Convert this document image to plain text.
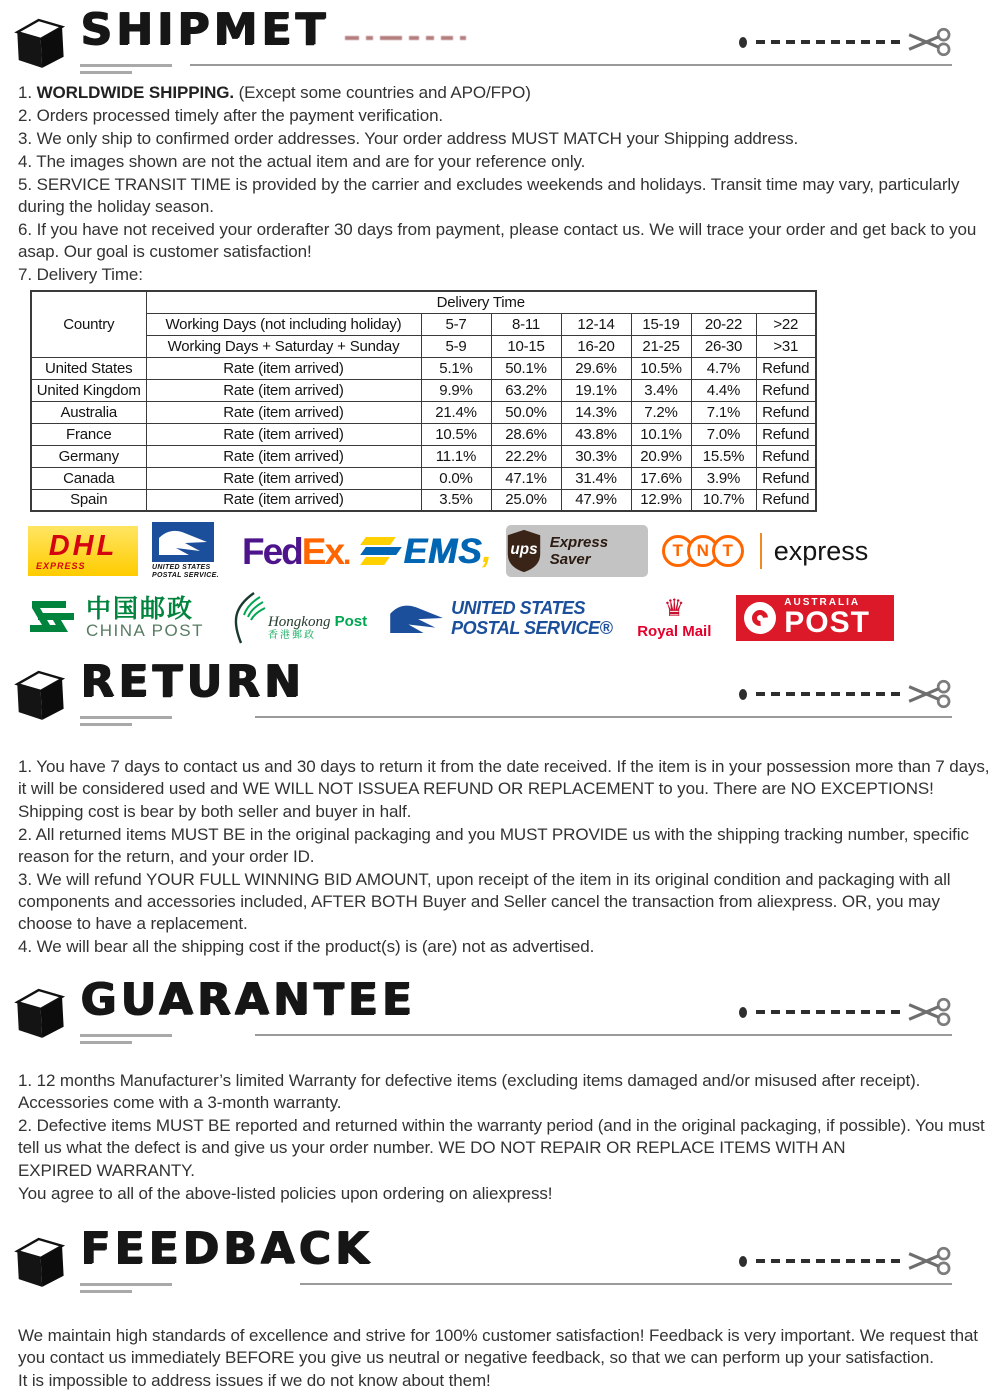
SHIPMET

1. WORLDWIDE SHIPPING. (Except some countries and APO/FPO)

2. Orders processed timely after the payment verification.

3. We only ship to confirmed order addresses. Your order address MUST MATCH your Shipping address.

4. The images shown are not the actual item and are for your reference only.

5. SERVICE TRANSIT TIME is provided by the carrier and excludes weekends and holidays. Transit time may vary, particularly during the holiday season.

6. If you have not received your orderafter 30 days from payment, please contact us. We will trace your order and get back to you asap. Our goal is customer satisfaction!

7. Delivery Time:

Country	Delivery Time						
	Working Days (not including holiday)	5-7	8-11	12-14	15-19	20-22	>22
	Working Days + Saturday + Sunday	5-9	10-15	16-20	21-25	26-30	>31
United States	Rate (item arrived)	5.1%	50.1%	29.6%	10.5%	4.7%	Refund
United Kingdom	Rate (item arrived)	9.9%	63.2%	19.1%	3.4%	4.4%	Refund
Australia	Rate (item arrived)	21.4%	50.0%	14.3%	7.2%	7.1%	Refund
France	Rate (item arrived)	10.5%	28.6%	43.8%	10.1%	7.0%	Refund
Germany	Rate (item arrived)	11.1%	22.2%	30.3%	20.9%	15.5%	Refund
Canada	Rate (item arrived)	0.0%	47.1%	31.4%	17.6%	3.9%	Refund
Spain	Rate (item arrived)	3.5%	25.0%	47.9%	12.9%	10.7%	Refund
DHL
EXPRESS	UNITED STATES POSTAL SERVICE.
FedEx. EMS , ups Express Saver	T N T	express
中国邮政
CHINA POST	Hongkong Post
香港郵政
UNITED STATES
POSTAL SERVICE®
♛
Royal Mail
AUSTRALIA
POST
RETURN

1. You have 7 days to contact us and 30 days to return it from the date received. If the item is in your possession more than 7 days, it will be considered used and WE WILL NOT ISSUEA REFUND OR REPLACEMENT to you. There are NO EXCEPTIONS!

Shipping cost is bear by both seller and buyer in half.

2. All returned items MUST BE in the original packaging and you MUST PROVIDE us with the shipping tracking number, specific reason for the return, and your order ID.

3. We will refund YOUR FULL WINNING BID AMOUNT, upon receipt of the item in its original condition and packaging with all components and accessories included, AFTER BOTH Buyer and Seller cancel the transaction from aliexpress. OR, you may choose to have a replacement.

4. We will bear all the shipping cost if the product(s) is (are) not as advertised.

GUARANTEE

1. 12 months Manufacturer’s limited Warranty for defective items (excluding items damaged and/or misused after receipt). Accessories come with a 3-month warranty.

2. Defective items MUST BE reported and returned within the warranty period (and in the original packaging, if possible). You must tell us what the defect is and give us your order number. WE DO NOT REPAIR OR REPLACE ITEMS WITH AN

EXPIRED WARRANTY.

You agree to all of the above-listed policies upon ordering on aliexpress!

FEEDBACK

We maintain high standards of excellence and strive for 100% customer satisfaction! Feedback is very important. We request that you contact us immediately BEFORE you give us neutral or negative feedback, so that we can perform up your satisfaction.

It is impossible to address issues if we do not know about them!
